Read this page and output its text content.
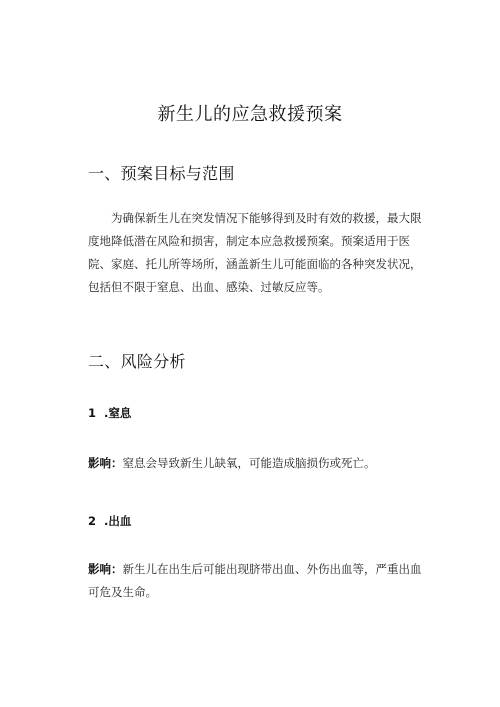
新生儿的应急救援预案
一、预案目标与范围
为确保新生儿在突发情况下能够得到及时有效的救援，最大限度地降低潜在风险和损害，制定本应急救援预案。预案适用于医院、家庭、托儿所等场所，涵盖新生儿可能面临的各种突发状况，包括但不限于窒息、出血、感染、过敏反应等。
二、风险分析
1 .窒息
影响：窒息会导致新生儿缺氧，可能造成脑损伤或死亡。
2 .出血
影响：新生儿在出生后可能出现脐带出血、外伤出血等，严重出血可危及生命。
